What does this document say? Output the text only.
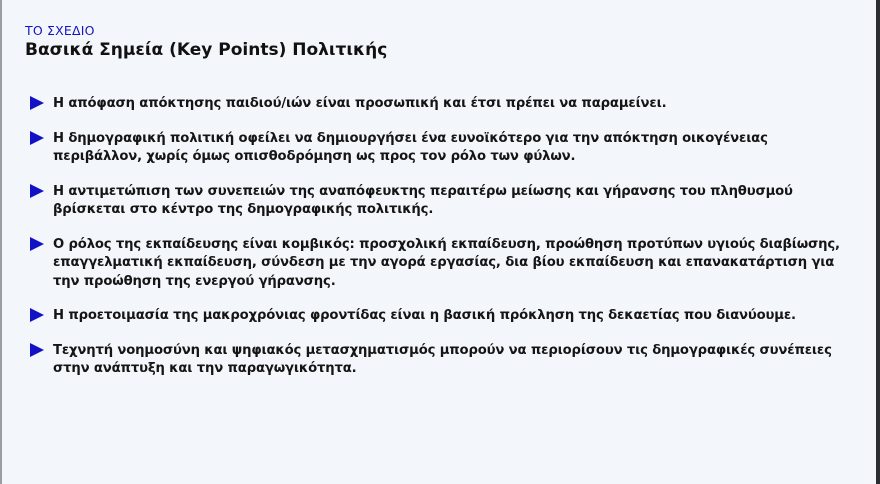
ΤΟ ΣΧΕΔΙΟ
Βασικά Σημεία (Key Points) Πολιτικής
Η απόφαση απόκτησης παιδιού/ιών είναι προσωπική και έτσι πρέπει να παραμείνει.
Η δημογραφική πολιτική οφείλει να δημιουργήσει ένα ευνοϊκότερο για την απόκτηση οικογένειας περιβάλλον, χωρίς όμως οπισθοδρόμηση ως προς τον ρόλο των φύλων.
Η αντιμετώπιση των συνεπειών της αναπόφευκτης περαιτέρω μείωσης και γήρανσης του πληθυσμού βρίσκεται στο κέντρο της δημογραφικής πολιτικής.
Ο ρόλος της εκπαίδευσης είναι κομβικός: προσχολική εκπαίδευση, προώθηση προτύπων υγιούς διαβίωσης, επαγγελματική εκπαίδευση, σύνδεση με την αγορά εργασίας, δια βίου εκπαίδευση και επανακατάρτιση για την προώθηση της ενεργού γήρανσης.
Η προετοιμασία της μακροχρόνιας φροντίδας είναι η βασική πρόκληση της δεκαετίας που διανύουμε.
Τεχνητή νοημοσύνη και ψηφιακός μετασχηματισμός μπορούν να περιορίσουν τις δημογραφικές συνέπειες στην ανάπτυξη και την παραγωγικότητα.
